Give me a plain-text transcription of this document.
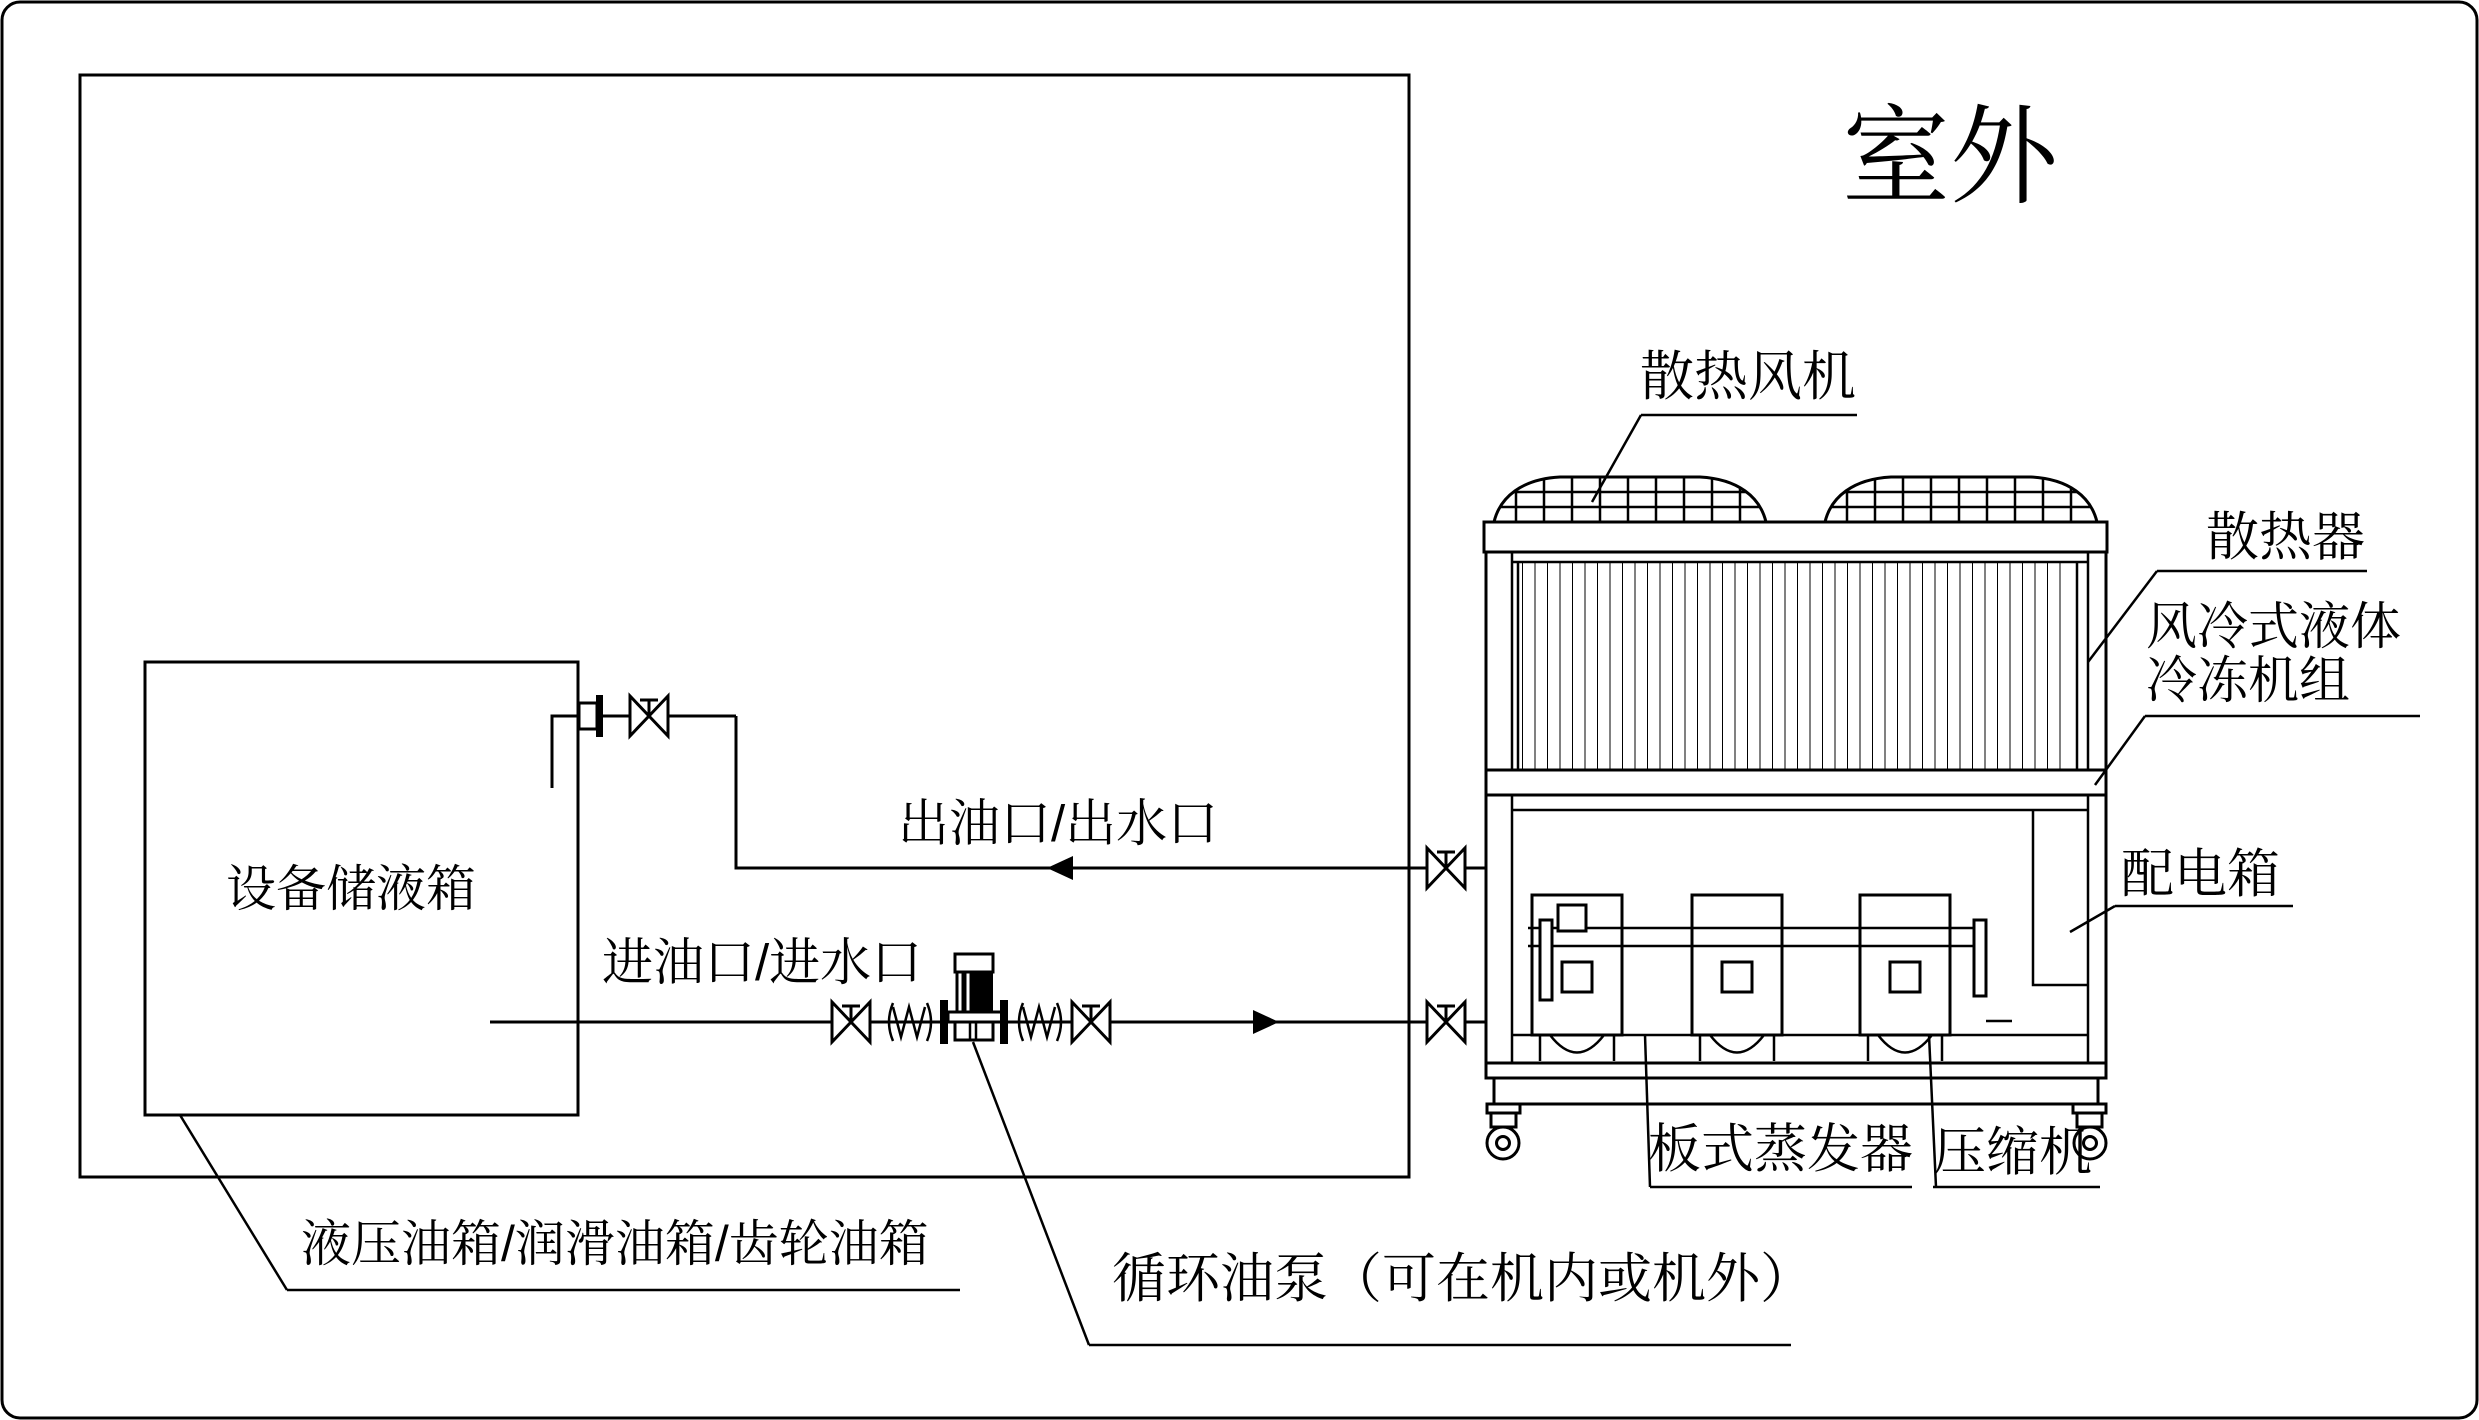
室外
散热风机
散热器
风冷式液体
冷冻机组
配电箱
板式蒸发器 压缩机
出油口/出水口
进油口/进水口
设备储液箱
液压油箱/润滑油箱/齿轮油箱
循环油泵（可在机内或机外）
